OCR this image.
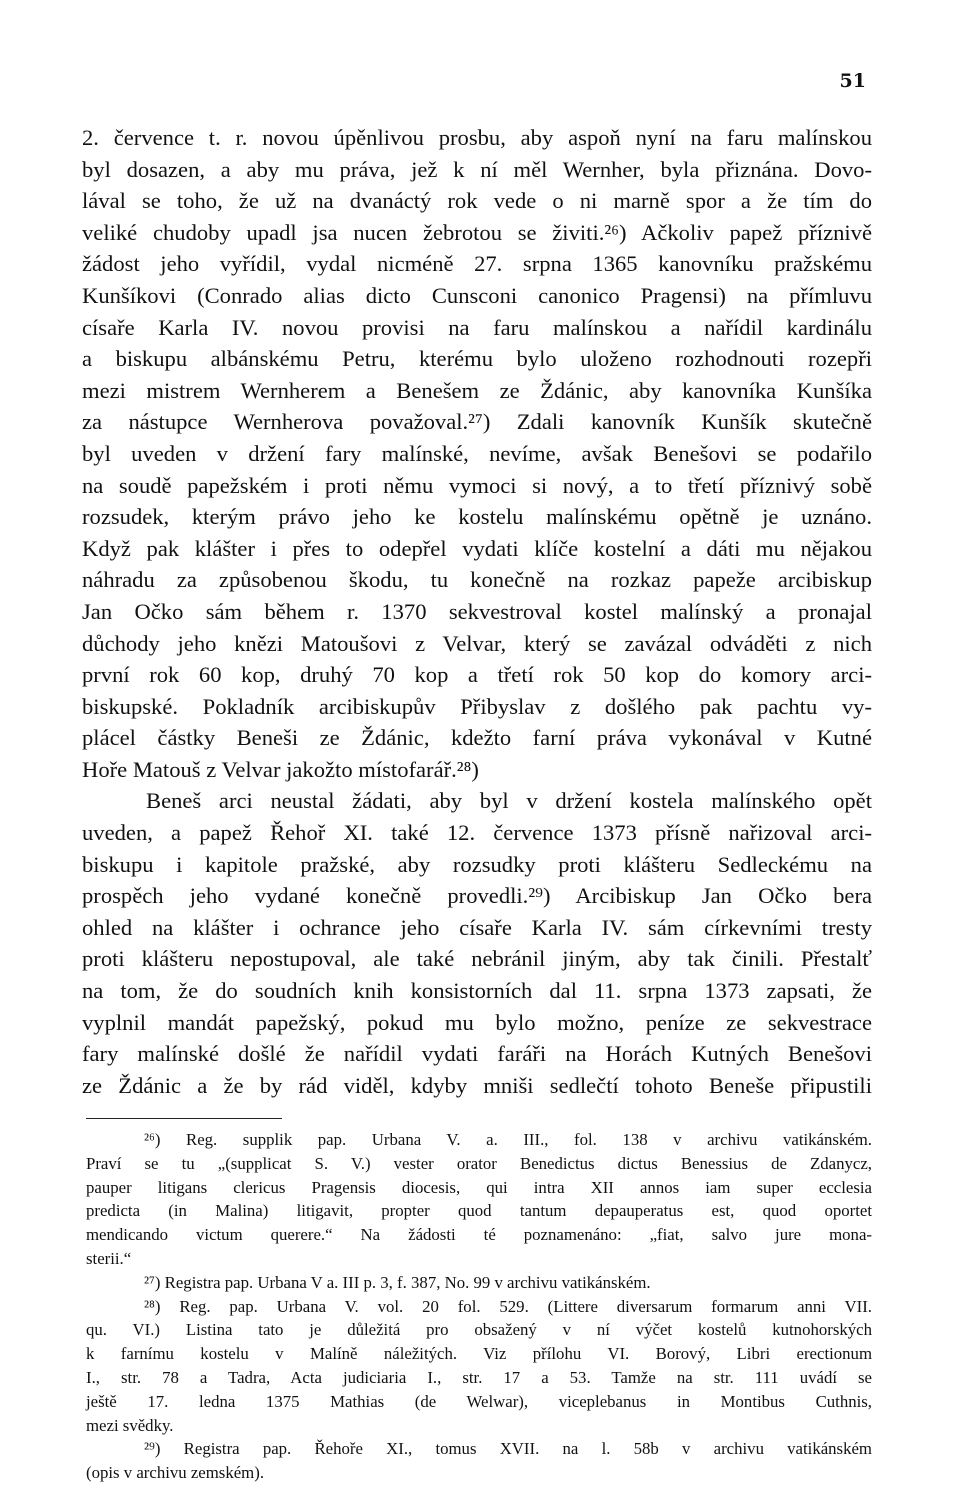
51

2. července t. r. novou úpěnlivou prosbu, aby aspoň nyní na faru malínskou
byl dosazen, a aby mu práva, jež k ní měl Wernher, byla přiznána. Dovo-
lával se toho, že už na dvanáctý rok vede o ni marně spor a že tím do
veliké chudoby upadl jsa nucen žebrotou se živiti.²⁶) Ačkoliv papež příznivě
žádost jeho vyřídil, vydal nicméně 27. srpna 1365 kanovníku pražskému
Kunšíkovi (Conrado alias dicto Cunsconi canonico Pragensi) na přímluvu
císaře Karla IV. novou provisi na faru malínskou a nařídil kardinálu
a biskupu albánskému Petru, kterému bylo uloženo rozhodnouti rozepři
mezi mistrem Wernherem a Benešem ze Ždánic, aby kanovníka Kunšíka
za nástupce Wernherova považoval.²⁷) Zdali kanovník Kunšík skutečně
byl uveden v držení fary malínské, nevíme, avšak Benešovi se podařilo
na soudě papežském i proti němu vymoci si nový, a to třetí příznivý sobě
rozsudek, kterým právo jeho ke kostelu malínskému opětně je uznáno.
Když pak klášter i přes to odepřel vydati klíče kostelní a dáti mu nějakou
náhradu za způsobenou škodu, tu konečně na rozkaz papeže arcibiskup
Jan Očko sám během r. 1370 sekvestroval kostel malínský a pronajal
důchody jeho knězi Matoušovi z Velvar, který se zavázal odváděti z nich
první rok 60 kop, druhý 70 kop a třetí rok 50 kop do komory arci-
biskupské. Pokladník arcibiskupův Přibyslav z došlého pak pachtu vy-
plácel částky Beneši ze Ždánic, kdežto farní práva vykonával v Kutné
Hoře Matouš z Velvar jakožto místofarář.²⁸)

Beneš arci neustal žádati, aby byl v držení kostela malínského opět
uveden, a papež Řehoř XI. také 12. července 1373 přísně nařizoval arci-
biskupu i kapitole pražské, aby rozsudky proti klášteru Sedleckému na
prospěch jeho vydané konečně provedli.²⁹) Arcibiskup Jan Očko bera
ohled na klášter i ochrance jeho císaře Karla IV. sám církevními tresty
proti klášteru nepostupoval, ale také nebránil jiným, aby tak činili. Přestalť
na tom, že do soudních knih konsistorních dal 11. srpna 1373 zapsati, že
vyplnil mandát papežský, pokud mu bylo možno, peníze ze sekvestrace
fary malínské došlé že nařídil vydati faráři na Horách Kutných Benešovi
ze Ždánic a že by rád viděl, kdyby mniši sedlečtí tohoto Beneše připustili

²⁶) Reg. supplik pap. Urbana V. a. III., fol. 138 v archivu vatikánském.
Praví se tu „(supplicat S. V.) vester orator Benedictus dictus Benessius de Zdanycz,
pauper litigans clericus Pragensis diocesis, qui intra XII annos iam super ecclesia
predicta (in Malina) litigavit, propter quod tantum depauperatus est, quod oportet
mendicando victum querere.“ Na žádosti té poznamenáno: „fiat, salvo jure mona-
sterii.“

²⁷) Registra pap. Urbana V a. III p. 3, f. 387, No. 99 v archivu vatikánském.

²⁸) Reg. pap. Urbana V. vol. 20 fol. 529. (Littere diversarum formarum anni VII.
qu. VI.) Listina tato je důležitá pro obsažený v ní výčet kostelů kutnohorských
k farnímu kostelu v Malíně náležitých. Viz přílohu VI. Borový, Libri erectionum
I., str. 78 a Tadra, Acta judiciaria I., str. 17 a 53. Tamže na str. 111 uvádí se
ještě 17. ledna 1375 Mathias (de Welwar), viceplebanus in Montibus Cuthnis,
mezi svědky.

²⁹) Registra pap. Řehoře XI., tomus XVII. na l. 58b v archivu vatikánském
(opis v archivu zemském).
